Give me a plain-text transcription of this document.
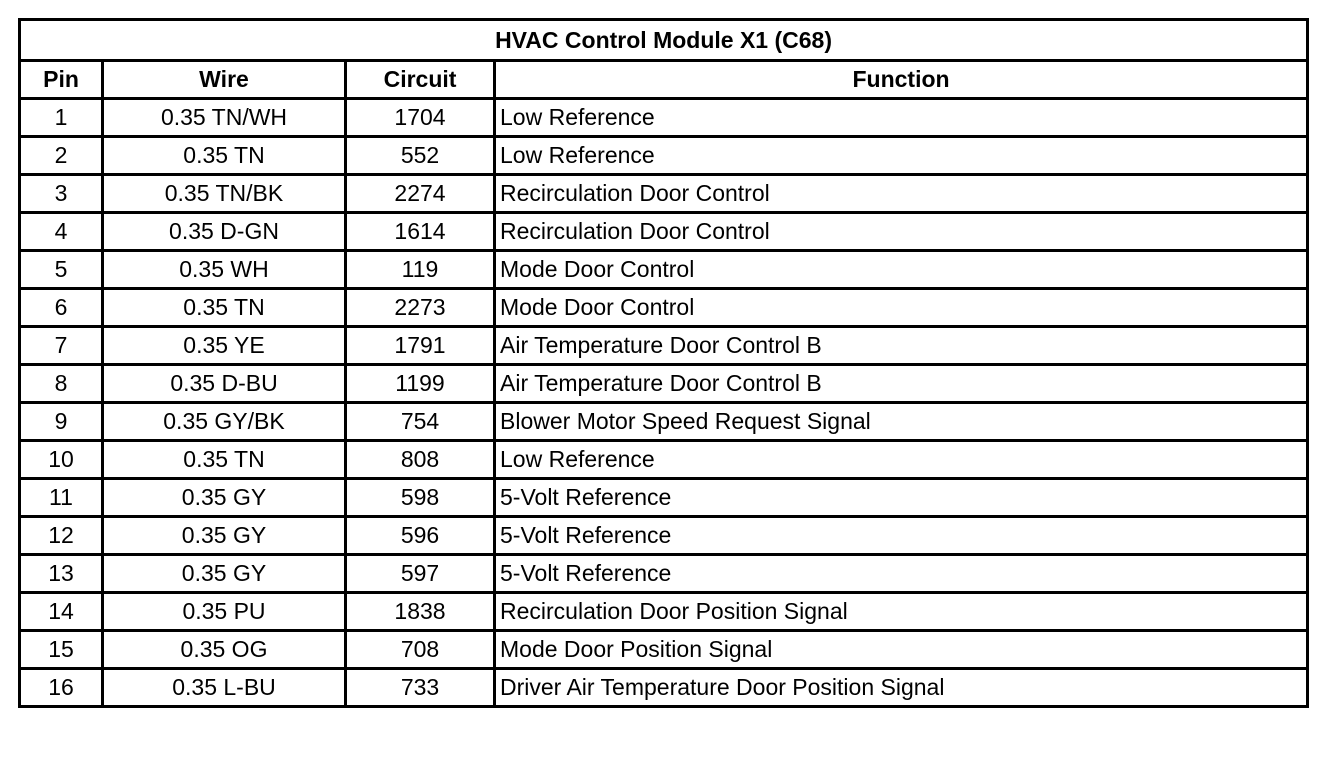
HVAC Control Module X1 (C68)			
Pin	Wire	Circuit	Function
1	0.35 TN/WH	1704	Low Reference
2	0.35 TN	552	Low Reference
3	0.35 TN/BK	2274	Recirculation Door Control
4	0.35 D-GN	1614	Recirculation Door Control
5	0.35 WH	119	Mode Door Control
6	0.35 TN	2273	Mode Door Control
7	0.35 YE	1791	Air Temperature Door Control B
8	0.35 D-BU	1199	Air Temperature Door Control B
9	0.35 GY/BK	754	Blower Motor Speed Request Signal
10	0.35 TN	808	Low Reference
11	0.35 GY	598	5-Volt Reference
12	0.35 GY	596	5-Volt Reference
13	0.35 GY	597	5-Volt Reference
14	0.35 PU	1838	Recirculation Door Position Signal
15	0.35 OG	708	Mode Door Position Signal
16	0.35 L-BU	733	Driver Air Temperature Door Position Signal
